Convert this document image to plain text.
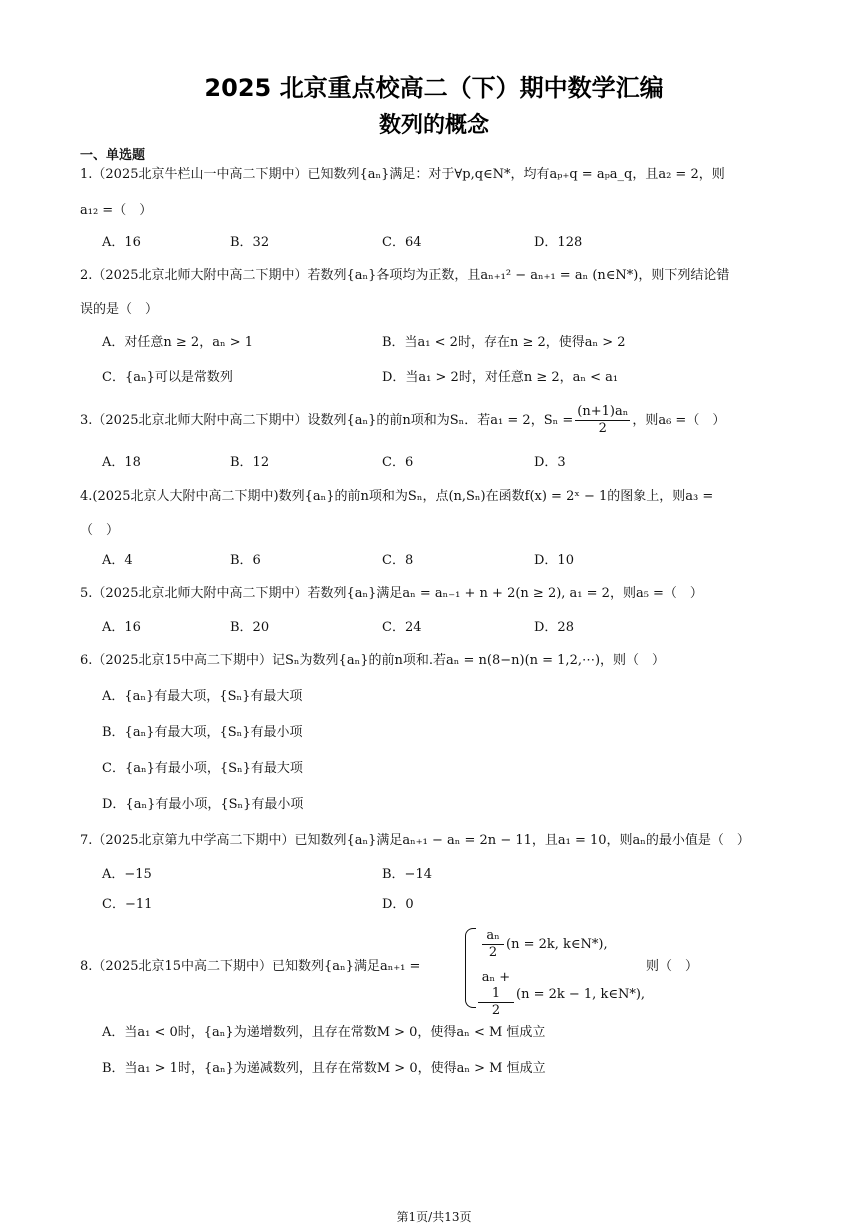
2025 北京重点校高二（下）期中数学汇编
数列的概念
一、单选题
1.（2025北京牛栏山一中高二下期中）已知数列{aₙ}满足：对于∀p,q∈N*，均有aₚ₊q = aₚa_q，且a₂ = 2，则
a₁₂ =（　）
A．16	B．32	C．64	D．128
2.（2025北京北师大附中高二下期中）若数列{aₙ}各项均为正数，且aₙ₊₁² − aₙ₊₁ = aₙ (n∈N*)，则下列结论错
误的是（　）
A．对任意n ≥ 2，aₙ > 1	B．当a₁ < 2时，存在n ≥ 2，使得aₙ > 2
C．{aₙ}可以是常数列	D．当a₁ > 2时，对任意n ≥ 2，aₙ < a₁
3.（2025北京北师大附中高二下期中）设数列{aₙ}的前n项和为Sₙ．若a₁ = 2，$S_n = \frac{\text{(n+1)aₙ}}{2}$ ，则a₆ =（　）
A．18	B．12	C．6	D．3
4.(2025北京人大附中高二下期中)数列{aₙ}的前n项和为Sₙ，点(n,Sₙ)在函数f(x) = 2ˣ − 1的图象上，则a₃ =
（　）
A．4	B．6	C．8	D．10
5.（2025北京北师大附中高二下期中）若数列{aₙ}满足aₙ = aₙ₋₁ + n + 2(n ≥ 2), a₁ = 2，则a₅ =（　）
A．16	B．20	C．24	D．28
6.（2025北京15中高二下期中）记Sₙ为数列{aₙ}的前n项和.若aₙ = n(8−n)(n = 1,2,⋯)，则（　）
A．{aₙ}有最大项，{Sₙ}有最大项
B．{aₙ}有最大项，{Sₙ}有最小项
C．{aₙ}有最小项，{Sₙ}有最大项
D．{aₙ}有最小项，{Sₙ}有最小项
7.（2025北京第九中学高二下期中）已知数列{aₙ}满足aₙ₊₁ − aₙ = 2n − 11，且a₁ = 10，则aₙ的最小值是（　）
A．−15	B．−14
C．−11	D．0
8.（2025北京15中高二下期中）已知数列{aₙ}满足aₙ₊₁ =
$\frac{\text{aₙ}}{2} (n = 2k$, k∈N*),
$\frac{\text{aₙ + 1}}{2} (n = 2k - 1$, k∈N*),
则（　）
A．当a₁ < 0时，{aₙ}为递增数列，且存在常数M > 0，使得aₙ < M 恒成立
B．当a₁ > 1时，{aₙ}为递减数列，且存在常数M > 0，使得aₙ > M 恒成立
第1页/共13页
